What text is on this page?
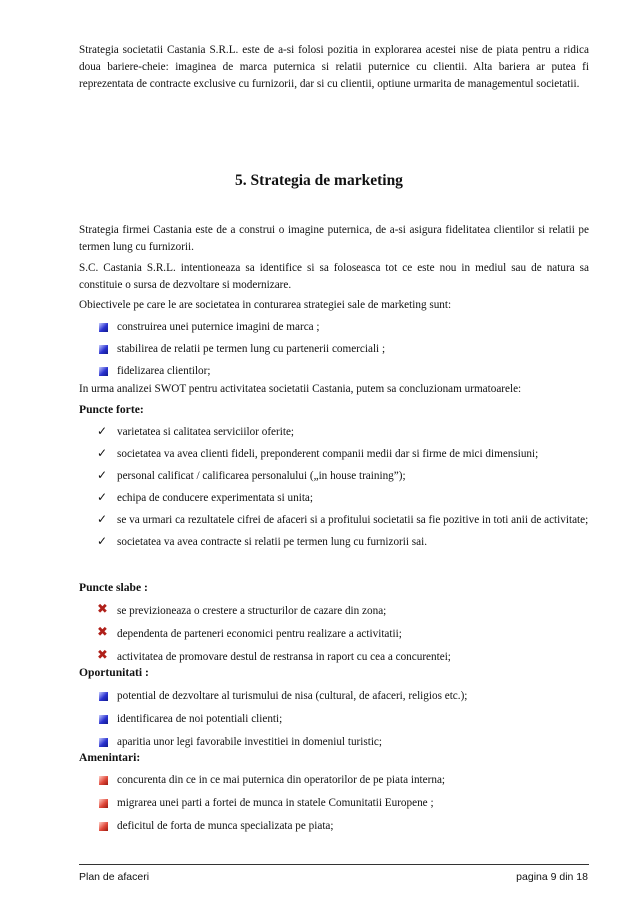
Strategia societatii Castania S.R.L. este de a-si folosi pozitia in explorarea acestei nise de piata pentru a ridica doua bariere-cheie: imaginea de marca puternica si relatii puternice cu clientii. Alta bariera ar putea fi reprezentata de contracte exclusive cu furnizorii, dar si cu clientii, optiune urmarita de managementul societatii.

5. Strategia de marketing

Strategia firmei Castania este de a construi o imagine puternica, de a-si asigura fidelitatea clientilor si relatii pe termen lung cu furnizorii.

S.C. Castania S.R.L. intentioneaza sa identifice si sa foloseasca tot ce este nou in mediul sau de natura sa constituie o sursa de dezvoltare si modernizare.

Obiectivele pe care le are societatea in conturarea strategiei sale de marketing sunt:

construirea unei puternice imagini de marca ;
stabilirea de relatii pe termen lung cu partenerii comerciali ;
fidelizarea clientilor;

In urma analizei SWOT pentru activitatea societatii Castania, putem sa concluzionam urmatoarele:

Puncte forte:

✓ varietatea si calitatea serviciilor oferite;
✓ societatea va avea clienti fideli, preponderent companii medii dar si firme de mici dimensiuni;
✓ personal calificat / calificarea personalului („in house training”);
✓ echipa de conducere experimentata si unita;
✓ se va urmari ca rezultatele cifrei de afaceri si a profitului societatii sa fie pozitive in toti anii de activitate;
✓ societatea va avea contracte si relatii pe termen lung cu furnizorii sai.

Puncte slabe :

✖ se previzioneaza o crestere a structurilor de cazare din zona;
✖ dependenta de parteneri economici pentru realizare a activitatii;
✖ activitatea de promovare destul de restransa in raport cu cea a concurentei;

Oportunitati :

potential de dezvoltare al turismului de nisa (cultural, de afaceri, religios etc.);
identificarea de noi potentiali clienti;
aparitia unor legi favorabile investitiei in domeniul turistic;

Amenintari:

concurenta din ce in ce mai puternica din operatorilor de pe piata interna;
migrarea unei parti a fortei de munca in statele Comunitatii Europene ;
deficitul de forta de munca specializata pe piata;
Plan de afaceri	pagina 9 din 18
